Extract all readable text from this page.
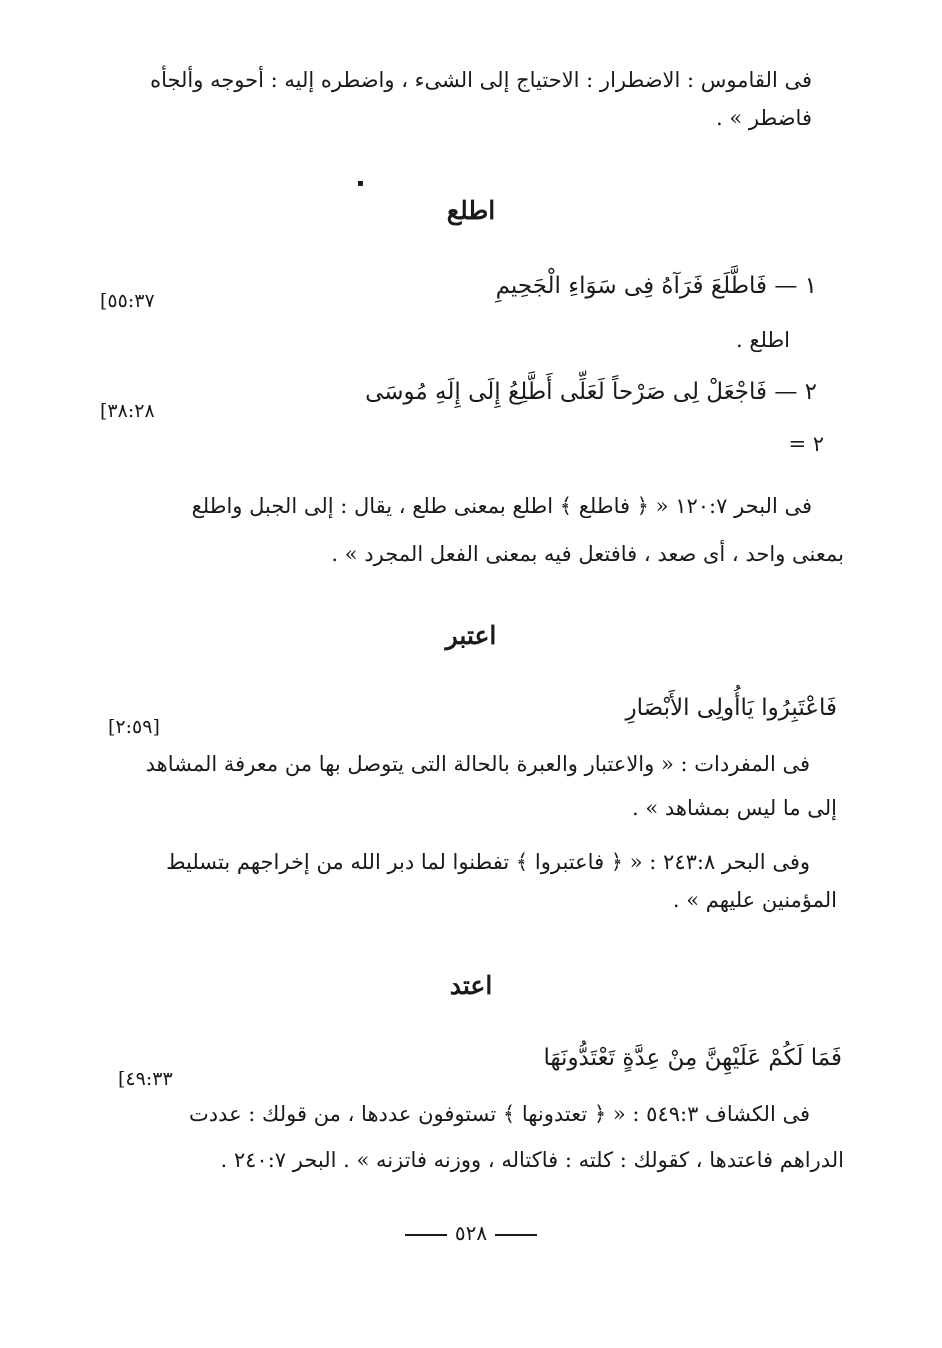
فى القاموس : الاضطرار : الاحتياج إلى الشىء ، واضطره إليه : أحوجه وألجأه
فاضطر » .
▪
اطلع
١ — فَاطَّلَعَ فَرَآهُ فِى سَوَاءِ الْجَحِيمِ
[٥٥:٣٧
اطلع .
٢ — فَاجْعَلْ لِى صَرْحاً لَعَلِّى أَطَّلِعُ إِلَى إِلَهِ مُوسَى
[٣٨:٢٨
٢ =
فى البحر ١٢٠:٧ « ﴿ فاطلع ﴾ اطلع بمعنى طلع ، يقال : إلى الجبل واطلع
بمعنى واحد ، أى صعد ، فافتعل فيه بمعنى الفعل المجرد » .
اعتبر
فَاعْتَبِرُوا يَاأُولِى الأَبْصَارِ
[٢:٥٩]
فى المفردات : « والاعتبار والعبرة بالحالة التى يتوصل بها من معرفة المشاهد
إلى ما ليس بمشاهد » .
وفى البحر ٢٤٣:٨ : « ﴿ فاعتبروا ﴾ تفطنوا لما دبر الله من إخراجهم بتسليط
المؤمنين عليهم » .
اعتد
فَمَا لَكُمْ عَلَيْهِنَّ مِنْ عِدَّةٍ تَعْتَدُّونَهَا
[٤٩:٣٣
فى الكشاف ٥٤٩:٣ : « ﴿ تعتدونها ﴾ تستوفون عددها ، من قولك : عددت
الدراهم فاعتدها ، كقولك : كلته : فاكتاله ، ووزنه فاتزنه » . البحر ٢٤٠:٧ .
٥٢٨
